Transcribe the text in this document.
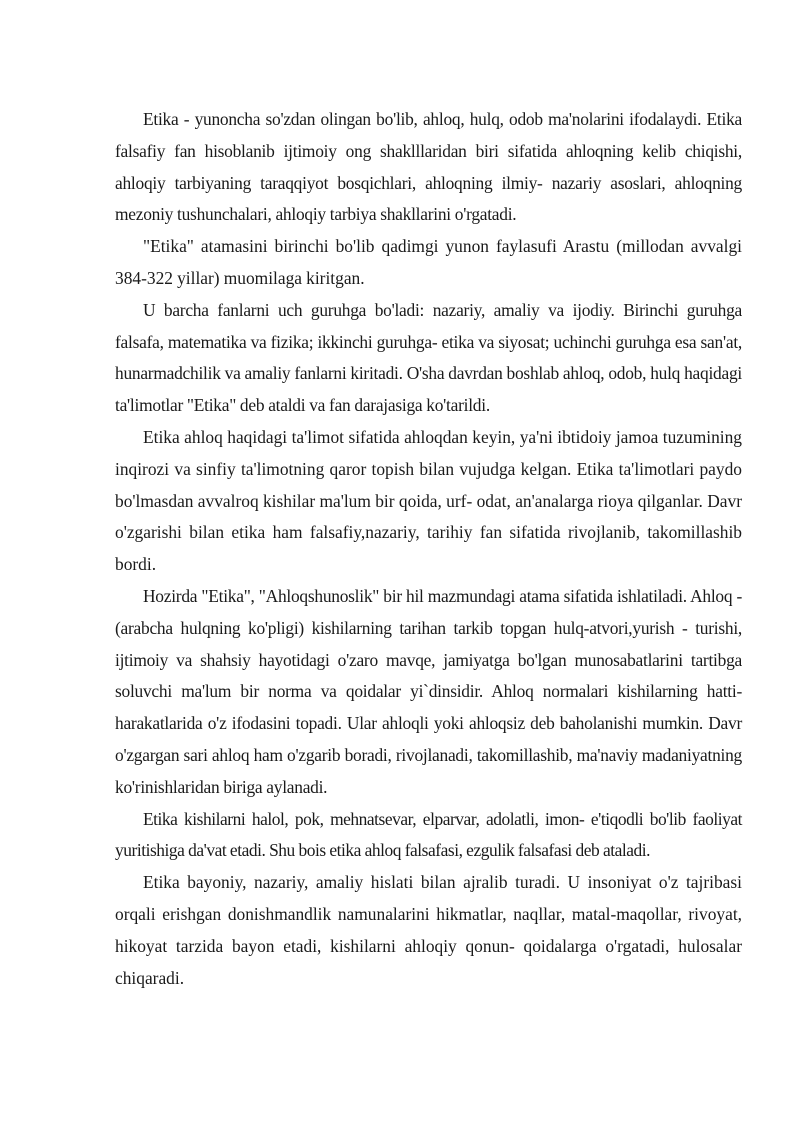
Etika - yunoncha so'zdan olingan bo'lib, ahloq, hulq, odob ma'nolarini ifodalaydi. Etika falsafiy fan hisoblanib ijtimoiy ong shaklllaridan biri sifatida ahloqning kelib chiqishi, ahloqiy tarbiyaning taraqqiyot bosqichlari, ahloqning ilmiy- nazariy asoslari, ahloqning mezoniy tushunchalari, ahloqiy tarbiya shakllarini o'rgatadi.

"Etika" atamasini birinchi bo'lib qadimgi yunon faylasufi Arastu (millodan avvalgi 384-322 yillar) muomilaga kiritgan.

U barcha fanlarni uch guruhga bo'ladi: nazariy, amaliy va ijodiy. Birinchi guruhga falsafa, matematika va fizika; ikkinchi guruhga- etika va siyosat; uchinchi guruhga esa san'at, hunarmadchilik va amaliy fanlarni kiritadi. O'sha davrdan boshlab ahloq, odob, hulq haqidagi ta'limotlar "Etika" deb ataldi va fan darajasiga ko'tarildi.

Etika ahloq haqidagi ta'limot sifatida ahloqdan keyin, ya'ni ibtidoiy jamoa tuzumining inqirozi va sinfiy ta'limotning qaror topish bilan vujudga kelgan. Etika ta'limotlari paydo bo'lmasdan avvalroq kishilar ma'lum bir qoida, urf- odat, an'analarga rioya qilganlar. Davr o'zgarishi bilan etika ham falsafiy,nazariy, tarihiy fan sifatida rivojlanib, takomillashib bordi.

Hozirda "Etika", "Ahloqshunoslik" bir hil mazmundagi atama sifatida ishlatiladi. Ahloq - (arabcha hulqning ko'pligi) kishilarning tarihan tarkib topgan hulq-atvori,yurish - turishi, ijtimoiy va shahsiy hayotidagi o'zaro mavqe, jamiyatga bo'lgan munosabatlarini tartibga soluvchi ma'lum bir norma va qoidalar yi`dinsidir. Ahloq normalari kishilarning hatti- harakatlarida o'z ifodasini topadi. Ular ahloqli yoki ahloqsiz deb baholanishi mumkin. Davr o'zgargan sari ahloq ham o'zgarib boradi, rivojlanadi, takomillashib, ma'naviy madaniyatning ko'rinishlaridan biriga aylanadi.

Etika kishilarni halol, pok, mehnatsevar, elparvar, adolatli, imon- e'tiqodli bo'lib faoliyat yuritishiga da'vat etadi. Shu bois etika ahloq falsafasi, ezgulik falsafasi deb ataladi.

Etika bayoniy, nazariy, amaliy hislati bilan ajralib turadi. U insoniyat o'z tajribasi orqali erishgan donishmandlik namunalarini hikmatlar, naqllar, matal-maqollar, rivoyat, hikoyat tarzida bayon etadi, kishilarni ahloqiy qonun- qoidalarga o'rgatadi, hulosalar chiqaradi.
